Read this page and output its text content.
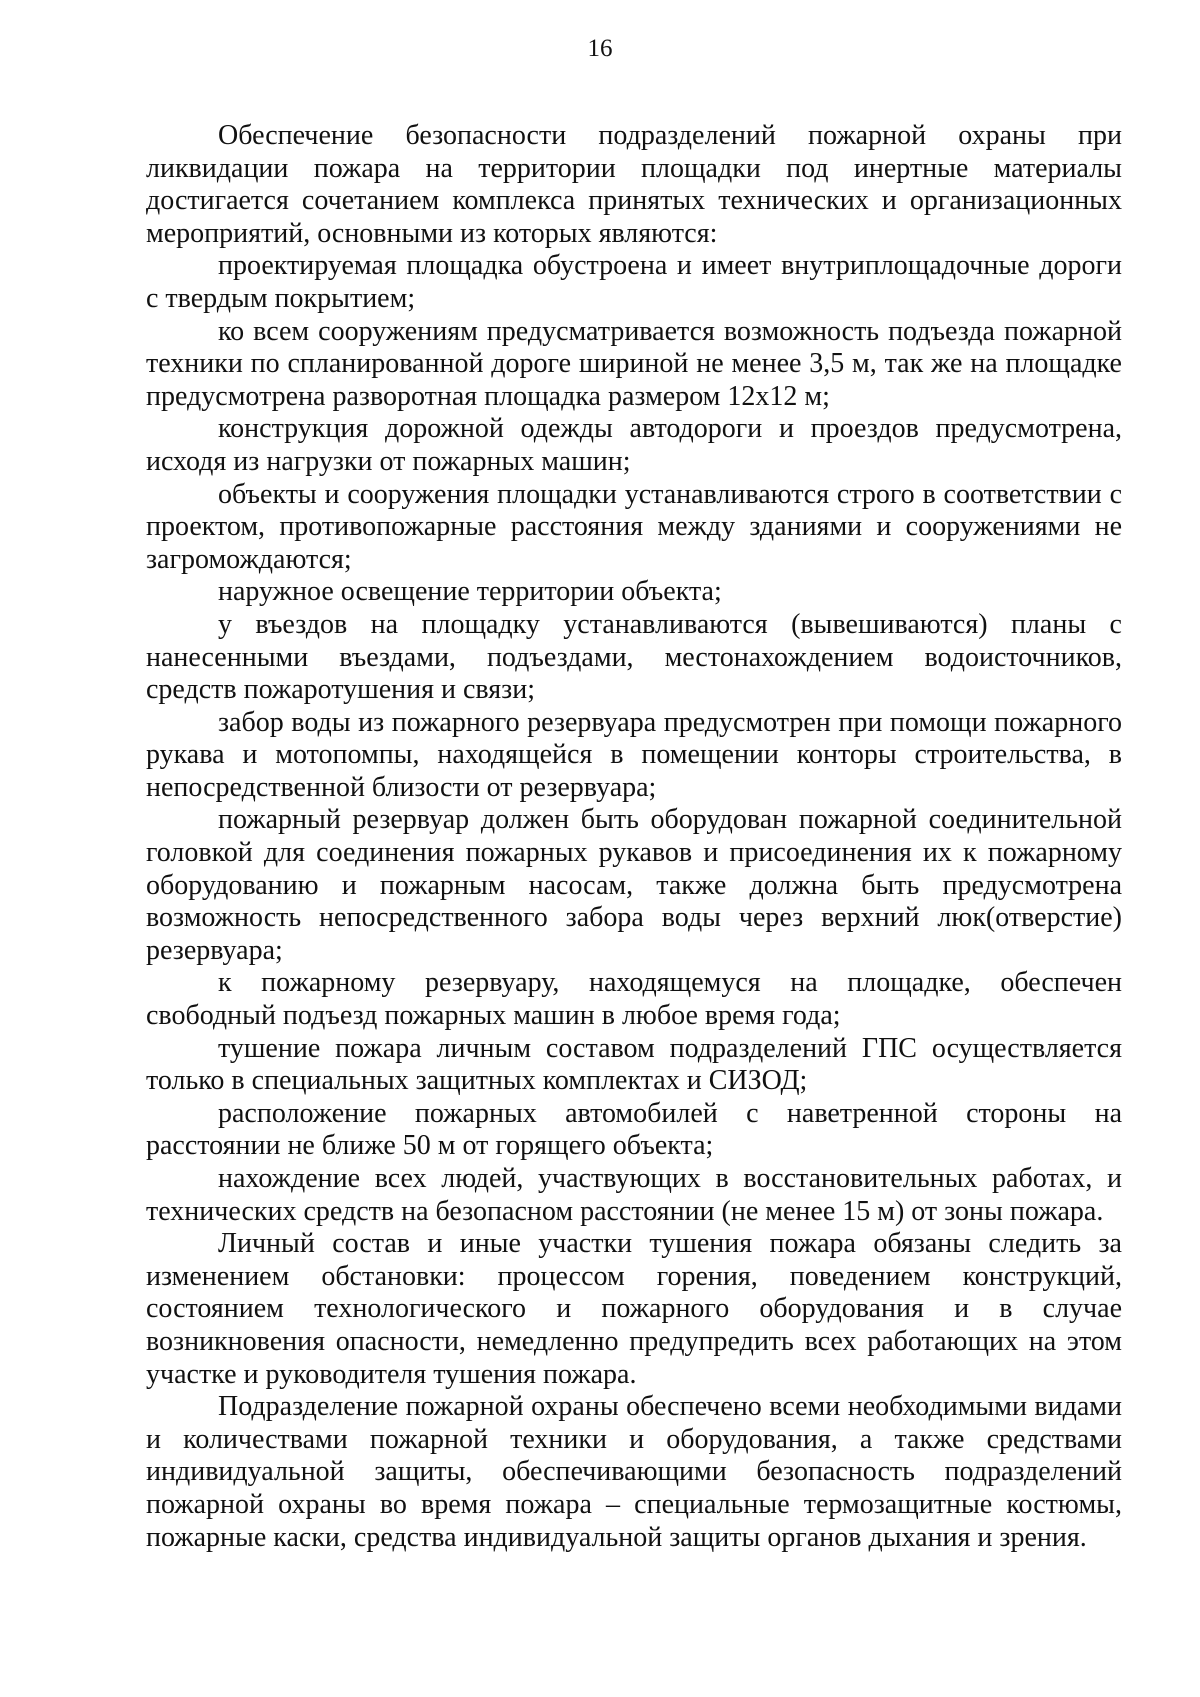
16

Обеспечение безопасности подразделений пожарной охраны при ликвидации пожара на территории площадки под инертные материалы достигается сочетанием комплекса принятых технических и организационных мероприятий, основными из которых являются:

проектируемая площадка обустроена и имеет внутриплощадочные дороги с твердым покрытием;

ко всем сооружениям предусматривается возможность подъезда пожарной техники по спланированной дороге шириной не менее 3,5 м, так же на площадке предусмотрена разворотная площадка размером 12х12 м;

конструкция дорожной одежды автодороги и проездов предусмотрена, исходя из нагрузки от пожарных машин;

объекты и сооружения площадки устанавливаются строго в соответствии с проектом, противопожарные расстояния между зданиями и сооружениями не загромождаются;

наружное освещение территории объекта;

у въездов на площадку устанавливаются (вывешиваются) планы с нанесенными въездами, подъездами, местонахождением водоисточников, средств пожаротушения и связи;

забор воды из пожарного резервуара предусмотрен при помощи пожарного рукава и мотопомпы, находящейся в помещении конторы строительства, в непосредственной близости от резервуара;

пожарный резервуар должен быть оборудован пожарной соединительной головкой для соединения пожарных рукавов и присоединения их к пожарному оборудованию и пожарным насосам, также должна быть предусмотрена возможность непосредственного забора воды через верхний люк(отверстие) резервуара;

к пожарному резервуару, находящемуся на площадке, обеспечен свободный подъезд пожарных машин в любое время года;

тушение пожара личным составом подразделений ГПС осуществляется только в специальных защитных комплектах и СИЗОД;

расположение пожарных автомобилей с наветренной стороны на расстоянии не ближе 50 м от горящего объекта;

нахождение всех людей, участвующих в восстановительных работах, и технических средств на безопасном расстоянии (не менее 15 м) от зоны пожара.

Личный состав и иные участки тушения пожара обязаны следить за изменением обстановки: процессом горения, поведением конструкций, состоянием технологического и пожарного оборудования и в случае возникновения опасности, немедленно предупредить всех работающих на этом участке и руководителя тушения пожара.

Подразделение пожарной охраны обеспечено всеми необходимыми видами и количествами пожарной техники и оборудования, а также средствами индивидуальной защиты, обеспечивающими безопасность подразделений пожарной охраны во время пожара – специальные термозащитные костюмы, пожарные каски, средства индивидуальной защиты органов дыхания и зрения.
